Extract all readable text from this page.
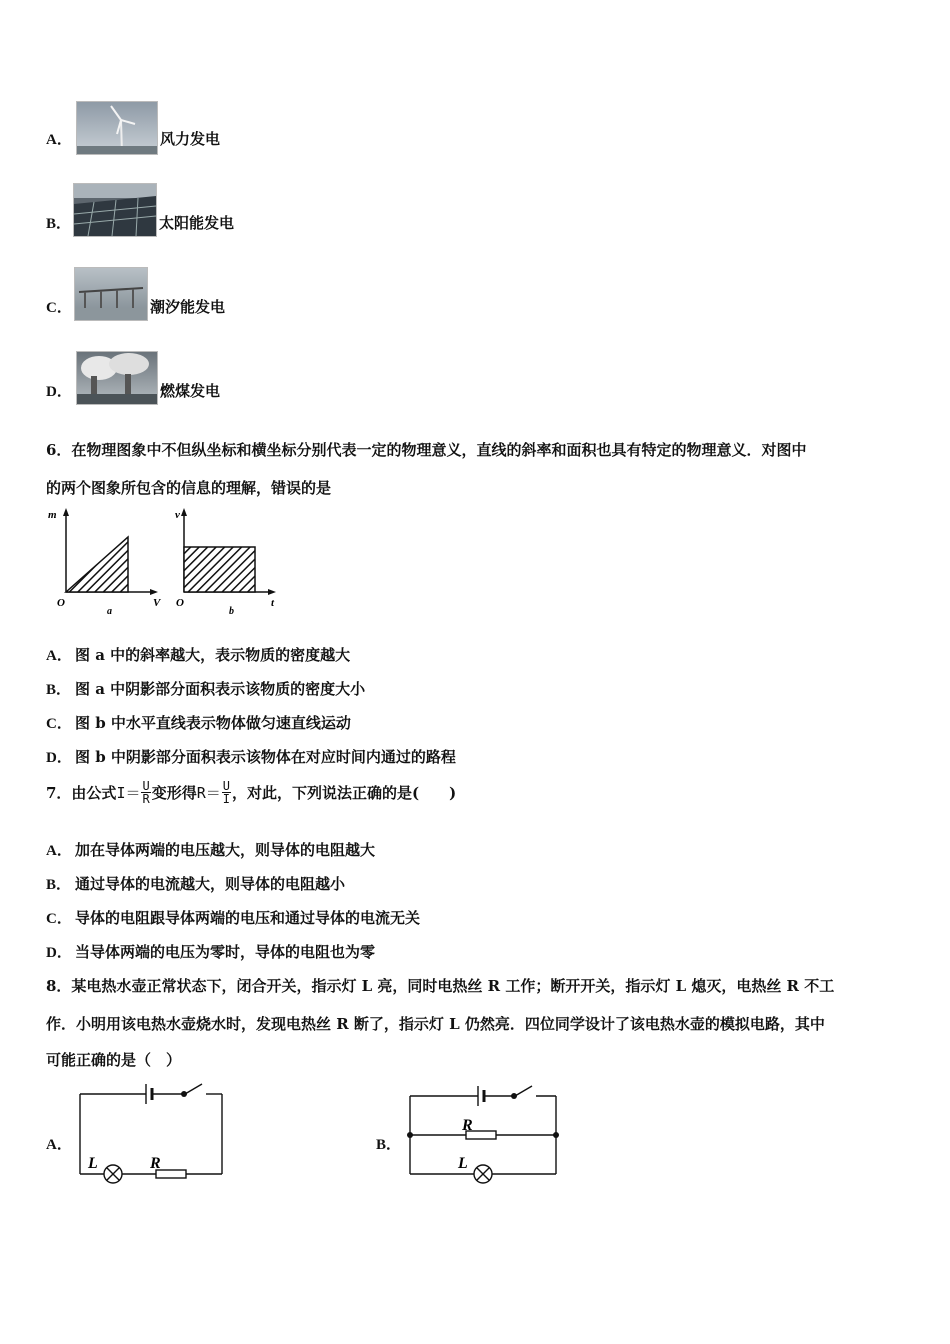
A．	风力发电
B．	太阳能发电
C．	潮汐能发电
D．	燃煤发电
6．在物理图象中不但纵坐标和横坐标分别代表一定的物理意义，直线的斜率和面积也具有特定的物理意义．对图中
的两个图象所包含的信息的理解，错误的是
m
O	V
a
v
O	t
b
A． 图 a 中的斜率越大，表示物质的密度越大
B． 图 a 中阴影部分面积表示该物质的密度大小
C． 图 b 中水平直线表示物体做匀速直线运动
D． 图 b 中阴影部分面积表示该物体在对应时间内通过的路程
7．由公式 $I= \frac{U}{R}$ 变形得 $R= \frac{U}{I}$ ，对此，下列说法正确的是(　　)
A． 加在导体两端的电压越大，则导体的电阻越大
B． 通过导体的电流越大，则导体的电阻越小
C． 导体的电阻跟导体两端的电压和通过导体的电流无关
D． 当导体两端的电压为零时，导体的电阻也为零
8．某电热水壶正常状态下，闭合开关，指示灯 L 亮，同时电热丝 R 工作；断开开关，指示灯 L 熄灭，电热丝 R 不工
作．小明用该电热水壶烧水时，发现电热丝 R 断了，指示灯 L 仍然亮．四位同学设计了该电热水壶的模拟电路，其中
可能正确的是（　）
A．
L	R
B．
R
L
